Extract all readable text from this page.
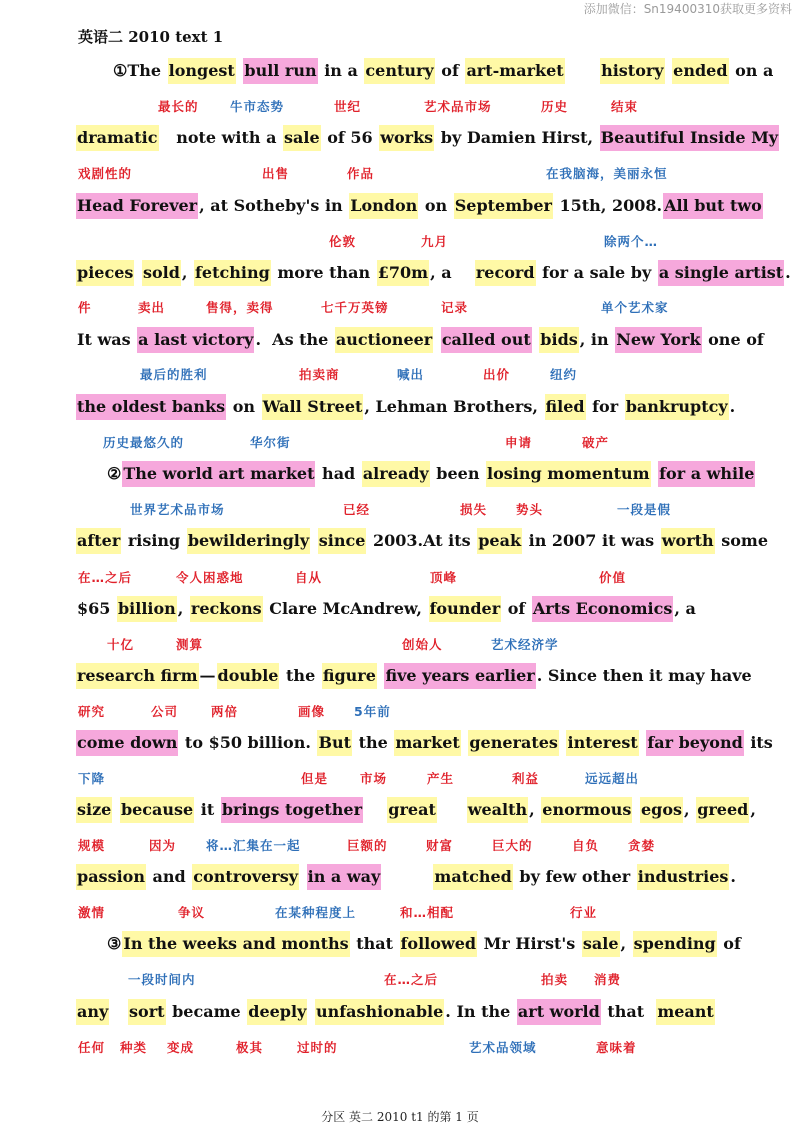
添加微信：Sn19400310获取更多资料
英语二 2010 text 1
①The longest bull run in a century of art-market history ended on a
dramatic   note with a sale of 56 works by Damien Hirst, Beautiful Inside My
Head Forever , at Sotheby's in London on September 15th, 2008. All but two
pieces sold , fetching more than £70m , a    record for a sale by a single artist .
It was a last victory .  As the auctioneer called out bids , in New York one of
the oldest banks on Wall Street , Lehman Brothers, filed for bankruptcy .
② The world art market had already been losing momentum for a while
after rising bewilderingly since 2003.At its peak in 2007 it was worth some
$65 billion , reckons Clare McAndrew, founder of Arts Economics , a
research firm — double the figure five years earlier . Since then it may have
come down to $50 billion. But the market generates interest far beyond its
size because it brings together great wealth , enormous egos , greed ,
passion and controversy in a way	matched by few other industries .
③ In the weeks and months that followed Mr Hirst's sale , spending of
any sort became deeply unfashionable . In the art world that  meant
最长的	牛市态势	世纪	艺术品市场	历史	结束
戏剧性的	出售	作品	在我脑海，美丽永恒
伦敦	九月	除两个…
件	卖出	售得，卖得	七千万英镑	记录	单个艺术家
最后的胜利	拍卖商	喊出	出价	纽约
历史最悠久的	华尔街	申请	破产
世界艺术品市场	已经	损失 势头	一段是假
在…之后	令人困惑地	自从	顶峰	价值
十亿	测算	创始人	艺术经济学
研究	公司	两倍	画像 5年前
下降	但是	市场	产生	利益	远远超出
规模	因为 将…汇集在一起	巨额的	财富	巨大的	自负 贪婪
激情	争议	在某种程度上	和…相配	行业
一段时间内	在…之后	拍卖 消费
任何 种类 变成	极其	过时的	艺术品领域	意味着
分区 英二 2010 t1 的第 1 页
